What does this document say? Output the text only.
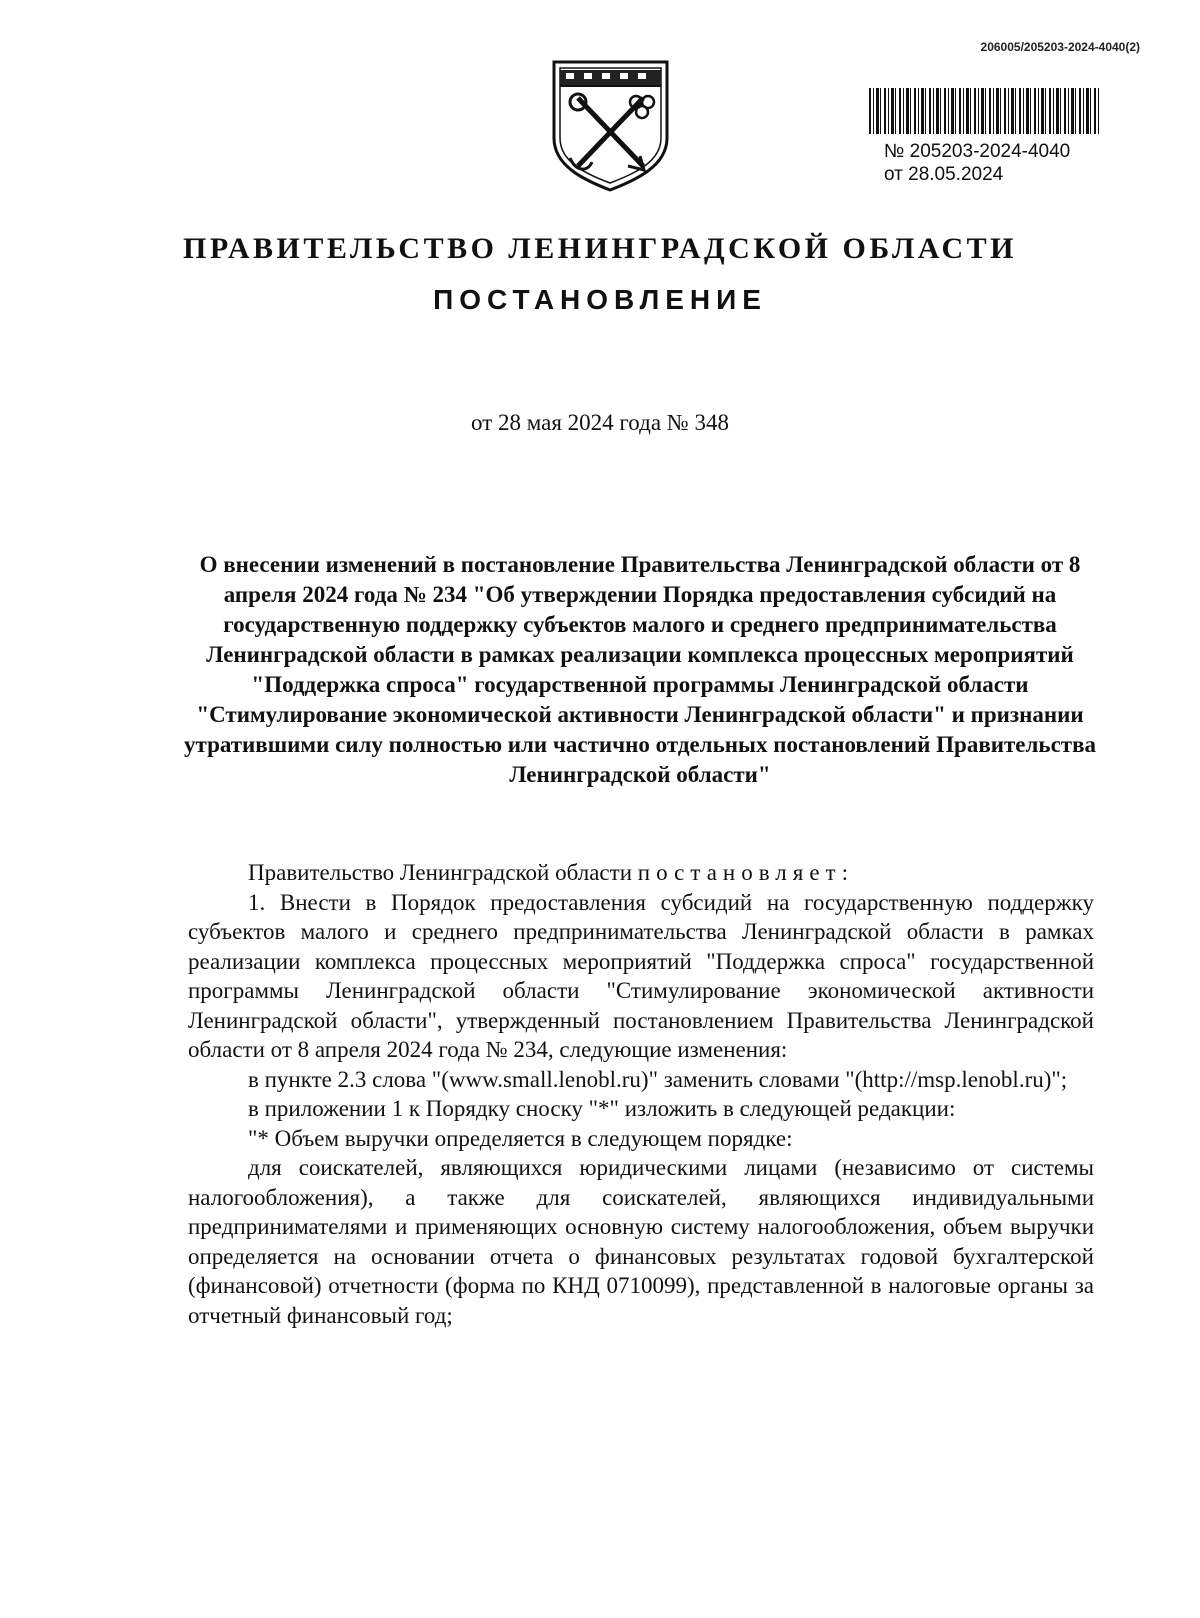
206005/205203-2024-4040(2)
№ 205203-2024-4040
от 28.05.2024
ПРАВИТЕЛЬСТВО ЛЕНИНГРАДСКОЙ ОБЛАСТИ
ПОСТАНОВЛЕНИЕ
от 28 мая 2024 года № 348
О внесении изменений в постановление Правительства Ленинградской области от 8 апреля 2024 года № 234 "Об утверждении Порядка предоставления субсидий на государственную поддержку субъектов малого и среднего предпринимательства Ленинградской области в рамках реализации комплекса процессных мероприятий "Поддержка спроса" государственной программы Ленинградской области "Стимулирование экономической активности Ленинградской области" и признании утратившими силу полностью или частично отдельных постановлений Правительства Ленинградской области"

Правительство Ленинградской области постановляет:

1. Внести в Порядок предоставления субсидий на государственную поддержку субъектов малого и среднего предпринимательства Ленинградской области в рамках реализации комплекса процессных мероприятий "Поддержка спроса" государственной программы Ленинградской области "Стимулирование экономической активности Ленинградской области", утвержденный постановлением Правительства Ленинградской области от 8 апреля 2024 года № 234, следующие изменения:

в пункте 2.3 слова "(www.small.lenobl.ru)" заменить словами "(http://msp.lenobl.ru)";

в приложении 1 к Порядку сноску "*" изложить в следующей редакции:

"* Объем выручки определяется в следующем порядке:

для соискателей, являющихся юридическими лицами (независимо от системы налогообложения), а также для соискателей, являющихся индивидуальными предпринимателями и применяющих основную систему налогообложения, объем выручки определяется на основании отчета о финансовых результатах годовой бухгалтерской (финансовой) отчетности (форма по КНД 0710099), представленной в налоговые органы за отчетный финансовый год;
